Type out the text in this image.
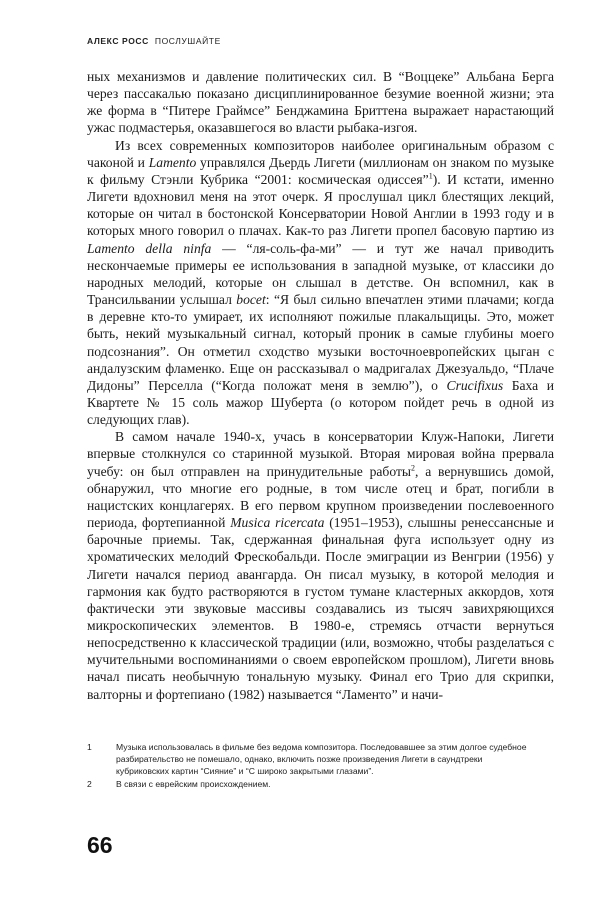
АЛЕКС РОСС ПОСЛУШАЙТЕ

ных механизмов и давление политических сил. В “Воццеке” Альбана Берга через пассакалью показано дисциплинированное безумие военной жизни; эта же форма в “Питере Граймсе” Бенджамина Бриттена выражает нарастающий ужас подмастерья, оказавшегося во власти рыбака-изгоя.

Из всех современных композиторов наиболее оригинальным образом с чаконой и Lamento управлялся Дьердь Лигети (миллионам он знаком по музыке к фильму Стэнли Кубрика “2001: космическая одиссея”$^1$). И кстати, именно Лигети вдохновил меня на этот очерк. Я прослушал цикл блестящих лекций, которые он читал в бостонской Консерватории Новой Англии в 1993 году и в которых много говорил о плачах. Как-то раз Лигети пропел басовую партию из Lamento della ninfa — “ля-соль-фа-ми” — и тут же начал приводить нескончаемые примеры ее использования в западной музыке, от классики до народных мелодий, которые он слышал в детстве. Он вспомнил, как в Трансильвании услышал bocet: “Я был сильно впечатлен этими плачами; когда в деревне кто-то умирает, их исполняют пожилые плакальщицы. Это, может быть, некий музыкальный сигнал, который проник в самые глубины моего подсознания”. Он отметил сходство музыки восточноевропейских цыган с андалузским фламенко. Еще он рассказывал о мадригалах Джезуальдо, “Плаче Дидоны” Перселла (“Когда положат меня в землю”), о Crucifixus Баха и Квартете № 15 соль мажор Шуберта (о котором пойдет речь в одной из следующих глав).

В самом начале 1940-х, учась в консерватории Клуж-Напоки, Лигети впервые столкнулся со старинной музыкой. Вторая мировая война прервала учебу: он был отправлен на принудительные работы$^2$, а вернувшись домой, обнаружил, что многие его родные, в том числе отец и брат, погибли в нацистских концлагерях. В его первом крупном произведении послевоенного периода, фортепианной Musica ricercata (1951–1953), слышны ренессансные и барочные приемы. Так, сдержанная финальная фуга использует одну из хроматических мелодий Фрескобальди. После эмиграции из Венгрии (1956) у Лигети начался период авангарда. Он писал музыку, в которой мелодия и гармония как будто растворяются в густом тумане кластерных аккордов, хотя фактически эти звуковые массивы создавались из тысяч завихряющихся микроскопических элементов. В 1980-е, стремясь отчасти вернуться непосредственно к классической традиции (или, возможно, чтобы разделаться с мучительными воспоминаниями о своем европейском прошлом), Лигети вновь начал писать необычную тональную музыку. Финал его Трио для скрипки, валторны и фортепиано (1982) называется “Ламенто” и начи-

1	Музыка использовалась в фильме без ведома композитора. Последовавшее за этим долгое судебное разбирательство не помешало, однако, включить позже произведения Лигети в саундтреки кубриковских картин “Сияние” и “С широко закрытыми глазами”.
2	В связи с еврейским происхождением.
66
